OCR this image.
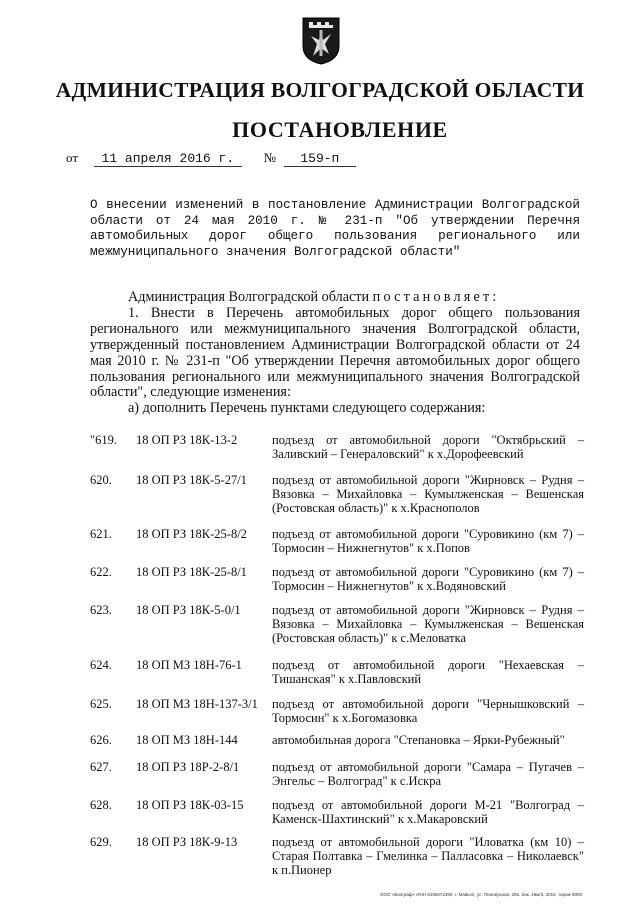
АДМИНИСТРАЦИЯ ВОЛГОГРАДСКОЙ ОБЛАСТИ
ПОСТАНОВЛЕНИЕ
от 11 апреля 2016 г. № 159-п
О внесении изменений в постановление Администрации Волгоградской
области от 24 мая 2010 г. № 231-п "Об утверждении Перечня
автомобильных дорог общего пользования регионального или
межмуниципального значения Волгоградской области"

Администрация Волгоградской области постановляет:

1. Внести в Перечень автомобильных дорог общего пользования регионального или межмуниципального значения Волгоградской области, утвержденный постановлением Администрации Волгоградской области от 24 мая 2010 г. № 231-п "Об утверждении Перечня автомобильных дорог общего пользования регионального или межмуниципального значения Волгоградской области", следующие изменения:

а) дополнить Перечень пунктами следующего содержания:

"619.	18 ОП РЗ 18К-13-2	подъезд от автомобильной дороги "Октябрьский – Заливский – Генераловский" к х.Дорофеевский
620.	18 ОП РЗ 18К-5-27/1	подъезд от автомобильной дороги "Жирновск – Рудня – Вязовка – Михайловка – Кумылженская – Вешенская (Ростовская область)" к х.Краснополов
621.	18 ОП РЗ 18К-25-8/2	подъезд от автомобильной дороги "Суровикино (км 7) – Тормосин – Нижнегнутов" к х.Попов
622.	18 ОП РЗ 18К-25-8/1	подъезд от автомобильной дороги "Суровикино (км 7) – Тормосин – Нижнегнутов" к х.Водяновский
623.	18 ОП РЗ 18К-5-0/1	подъезд от автомобильной дороги "Жирновск – Рудня – Вязовка – Михайловка – Кумылженская – Вешенская (Ростовская область)" к с.Меловатка
624.	18 ОП МЗ 18Н-76-1	подъезд от автомобильной дороги "Нехаевская – Тишанская" к х.Павловский
625.	18 ОП МЗ 18Н-137-3/1	подъезд от автомобильной дороги "Чернышковский – Тормосин" к х.Богомазовка
626.	18 ОП МЗ 18Н-144	автомобильная дорога "Степановка – Ярки-Рубежный"
627.	18 ОП РЗ 18Р-2-8/1	подъезд от автомобильной дороги "Самара – Пугачев – Энгельс – Волгоград" к с.Искра
628.	18 ОП РЗ 18К-03-15	подъезд от автомобильной дороги М-21 "Волгоград – Каменск-Шахтинский" к х.Макаровский
629.	18 ОП РЗ 18К-9-13	подъезд от автомобильной дороги "Иловатка (км 10) – Старая Полтавка – Гмелинка – Палласовка – Николаевск" к п.Пионер
ООО «Волграф» ИНН 6155072390, г. Майкоп, ул. Пионерская, 266. Зак. 19м/3, 2015, тираж 8000
